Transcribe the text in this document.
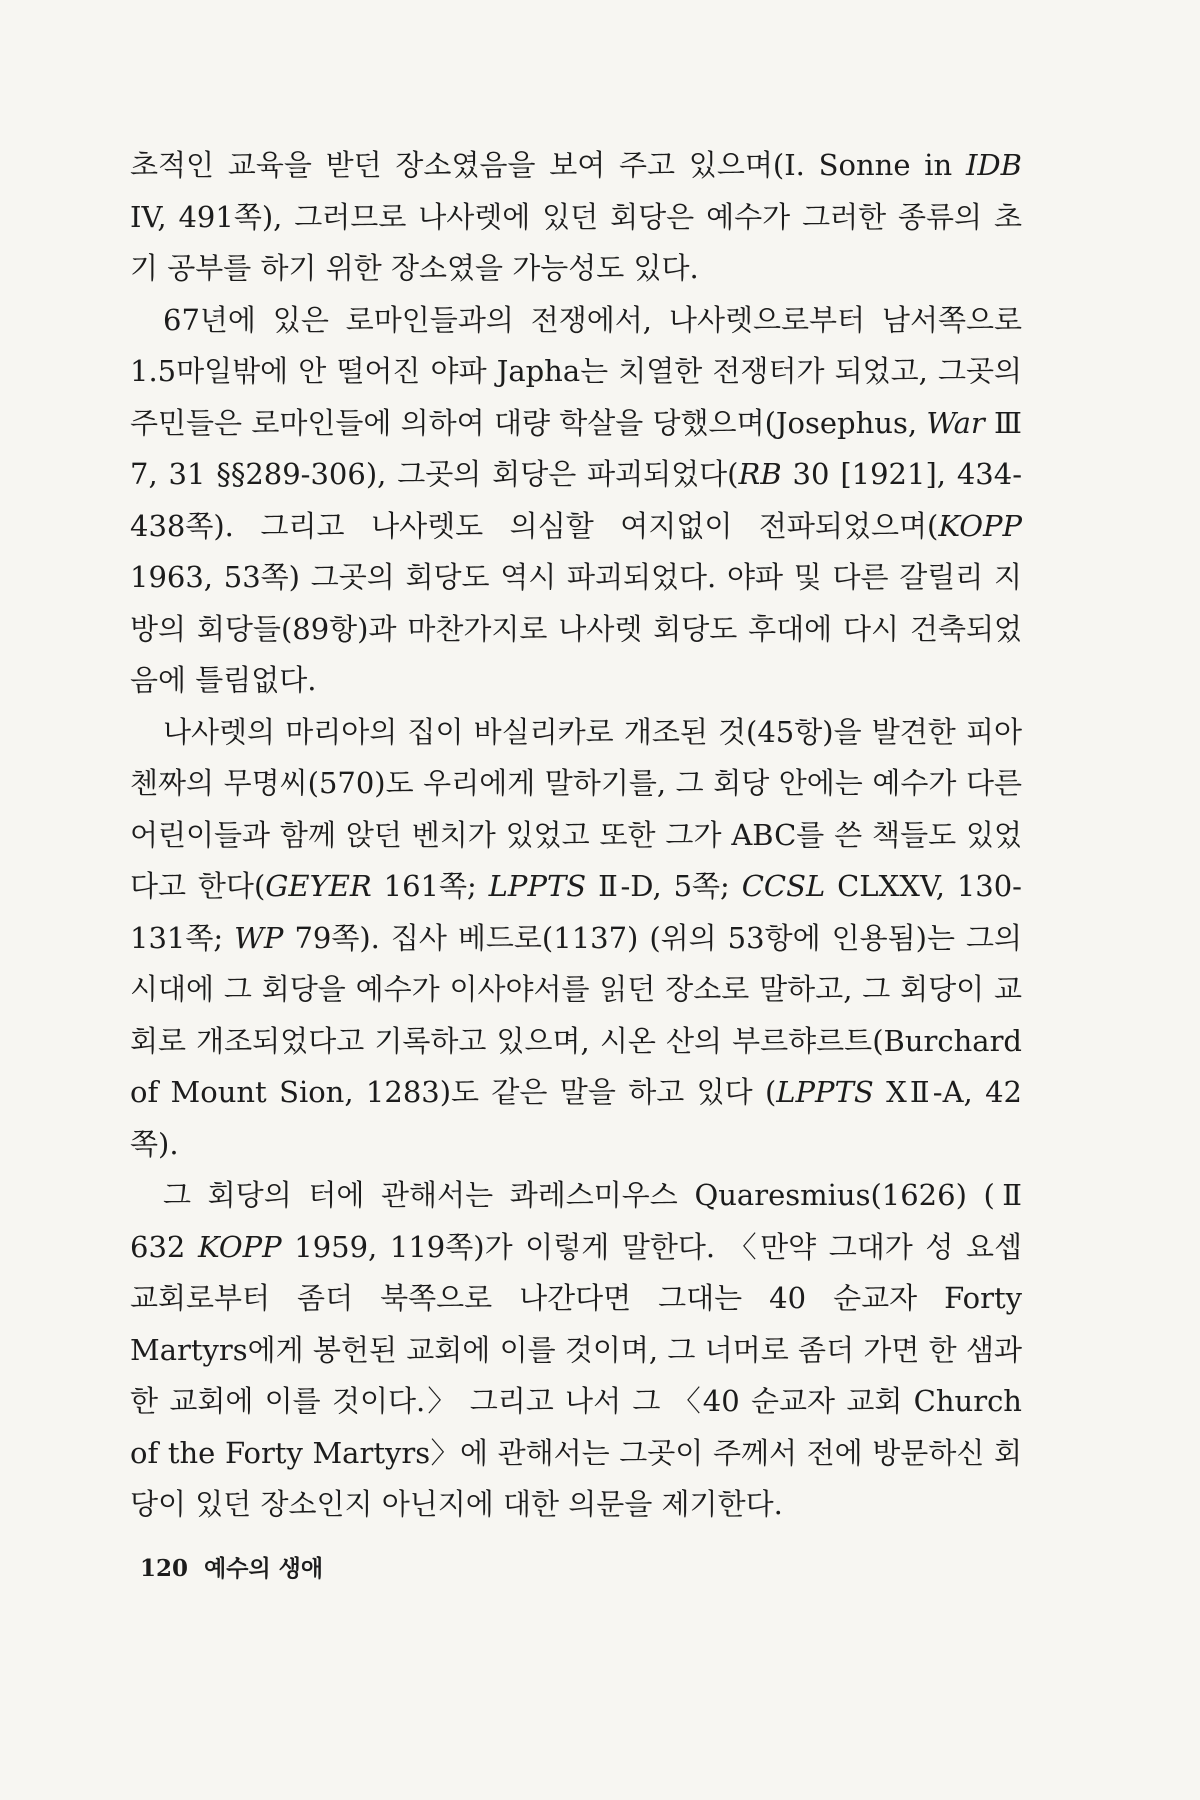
초적인 교육을 받던 장소였음을 보여 주고 있으며(I. Sonne in IDB IV, 491쪽), 그러므로 나사렛에 있던 회당은 예수가 그러한 종류의 초기 공부를 하기 위한 장소였을 가능성도 있다.

67년에 있은 로마인들과의 전쟁에서, 나사렛으로부터 남서쪽으로 1.5마일밖에 안 떨어진 야파 Japha는 치열한 전쟁터가 되었고, 그곳의 주민들은 로마인들에 의하여 대량 학살을 당했으며(Josephus, War Ⅲ 7, 31 §§289-306), 그곳의 회당은 파괴되었다(RB 30 [1921], 434-438쪽). 그리고 나사렛도 의심할 여지없이 전파되었으며(KOPP 1963, 53쪽) 그곳의 회당도 역시 파괴되었다. 야파 및 다른 갈릴리 지방의 회당들(89항)과 마찬가지로 나사렛 회당도 후대에 다시 건축되었음에 틀림없다.

나사렛의 마리아의 집이 바실리카로 개조된 것(45항)을 발견한 피아첸짜의 무명씨(570)도 우리에게 말하기를, 그 회당 안에는 예수가 다른 어린이들과 함께 앉던 벤치가 있었고 또한 그가 ABC를 쓴 책들도 있었다고 한다(GEYER 161쪽; LPPTS Ⅱ-D, 5쪽; CCSL CLXXV, 130-131쪽; WP 79쪽). 집사 베드로(1137) (위의 53항에 인용됨)는 그의 시대에 그 회당을 예수가 이사야서를 읽던 장소로 말하고, 그 회당이 교회로 개조되었다고 기록하고 있으며, 시온 산의 부르햐르트(Burchard of Mount Sion, 1283)도 같은 말을 하고 있다 (LPPTS XⅡ-A, 42쪽).

그 회당의 터에 관해서는 콰레스미우스 Quaresmius(1626) (Ⅱ 632 KOPP 1959, 119쪽)가 이렇게 말한다. 〈만약 그대가 성 요셉 교회로부터 좀더 북쪽으로 나간다면 그대는 40 순교자 Forty Martyrs에게 봉헌된 교회에 이를 것이며, 그 너머로 좀더 가면 한 샘과 한 교회에 이를 것이다.〉 그리고 나서 그 〈40 순교자 교회 Church of the Forty Martyrs〉에 관해서는 그곳이 주께서 전에 방문하신 회당이 있던 장소인지 아닌지에 대한 의문을 제기한다.

120 예수의 생애
